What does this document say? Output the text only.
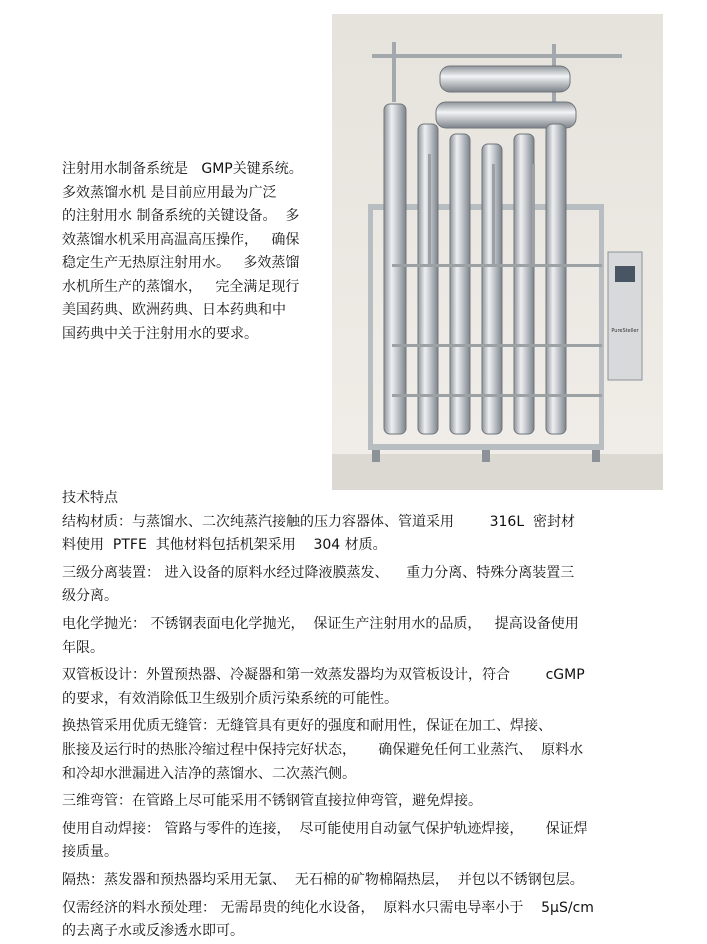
注射用水制备系统是   GMP关键系统。

多效蒸馏水机 是目前应用最为广泛

的注射用水 制备系统的关键设备。  多

效蒸馏水机采用高温高压操作，   确保

稳定生产无热原注射用水。   多效蒸馏

水机所生产的蒸馏水，   完全满足现行

美国药典、欧洲药典、日本药典和中

国药典中关于注射用水的要求。	PureSteller

技术特点

结构材质：与蒸馏水、二次纯蒸汽接触的压力容器体、管道采用        316L  密封材

料使用  PTFE  其他材料包括机架采用    304 材质。

三级分离装置： 进入设备的原料水经过降液膜蒸发、    重力分离、特殊分离装置三

级分离。

电化学抛光： 不锈钢表面电化学抛光，  保证生产注射用水的品质，   提高设备使用

年限。

双管板设计：外置预热器、冷凝器和第一效蒸发器均为双管板设计，符合        cGMP

的要求，有效消除低卫生级别介质污染系统的可能性。

换热管采用优质无缝管：无缝管具有更好的强度和耐用性，保证在加工、焊接、

胀接及运行时的热胀冷缩过程中保持完好状态，     确保避免任何工业蒸汽、  原料水

和冷却水泄漏进入洁净的蒸馏水、二次蒸汽侧。

三维弯管：在管路上尽可能采用不锈钢管直接拉伸弯管，避免焊接。

使用自动焊接： 管路与零件的连接，  尽可能使用自动氩气保护轨迹焊接，     保证焊

接质量。

隔热：蒸发器和预热器均采用无氯、  无石棉的矿物棉隔热层，  并包以不锈钢包层。

仅需经济的料水预处理： 无需昂贵的纯化水设备，  原料水只需电导率小于    5μS/cm

的去离子水或反渗透水即可。
